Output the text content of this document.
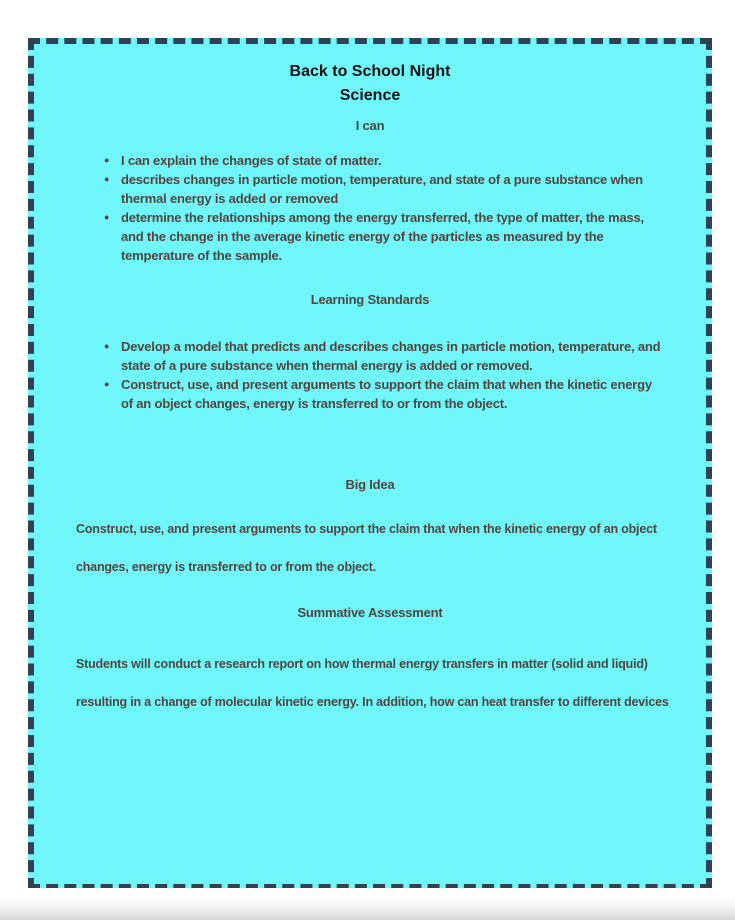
Back to School Night
Science
I can
● I can explain the changes of state of matter.
● describes changes in particle motion, temperature, and state of a pure substance when thermal energy is added or removed
● determine the relationships among the energy transferred, the type of matter, the mass, and the change in the average kinetic energy of the particles as measured by the temperature of the sample.
Learning Standards
● Develop a model that predicts and describes changes in particle motion, temperature, and state of a pure substance when thermal energy is added or removed.
● Construct, use, and present arguments to support the claim that when the kinetic energy of an object changes, energy is transferred to or from the object.
Big Idea
Construct, use, and present arguments to support the claim that when the kinetic energy of an object
changes, energy is transferred to or from the object.
Summative Assessment
Students will conduct a research report on how thermal energy transfers in matter (solid and liquid)
resulting in a change of molecular kinetic energy. In addition, how can heat transfer to different devices
